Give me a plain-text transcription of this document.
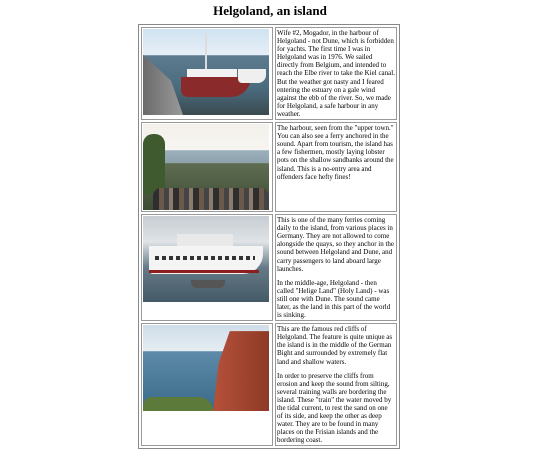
Helgoland, an island

	Wife #2, Mogador, in the harbour of Helgoland - not Dune, which is forbidden for yachts. The first time I was in Helgoland was in 1976. We sailed directly from Belgium, and intended to reach the Elbe river to take the Kiel canal. But the weather got nasty and I feared entering the estuary on a gale wind against the ebb of the river. So, we made for Helgoland, a safe harbour in any weather.

	The harbour, seen from the "upper town." You can also see a ferry anchored in the sound. Apart from tourism, the island has a few fishermen, mostly laying lobster pots on the shallow sandbanks around the island. This is a no-entry area and offenders face hefty fines!

	This is one of the many ferries coming daily to the island, from various places in Germany. They are not allowed to come alongside the quays, so they anchor in the sound between Helgoland and Dune, and carry passengers to land aboard large launches.

In the middle-age, Helgoland - then called "Helige Land" (Holy Land) - was still one with Dune. The sound came later, as the land in this part of the world is sinking.

	This are the famous red cliffs of Helgoland. The feature is quite unique as the island is in the middle of the German Bight and surrounded by extremely flat land and shallow waters.

In order to preserve the cliffs from erosion and keep the sound from silting, several training walls are bordering the island. These "train" the water moved by the tidal current, to rest the sand on one of its side, and keep the other as deep water. They are to be found in many places on the Frisian islands and the bordering coast.
